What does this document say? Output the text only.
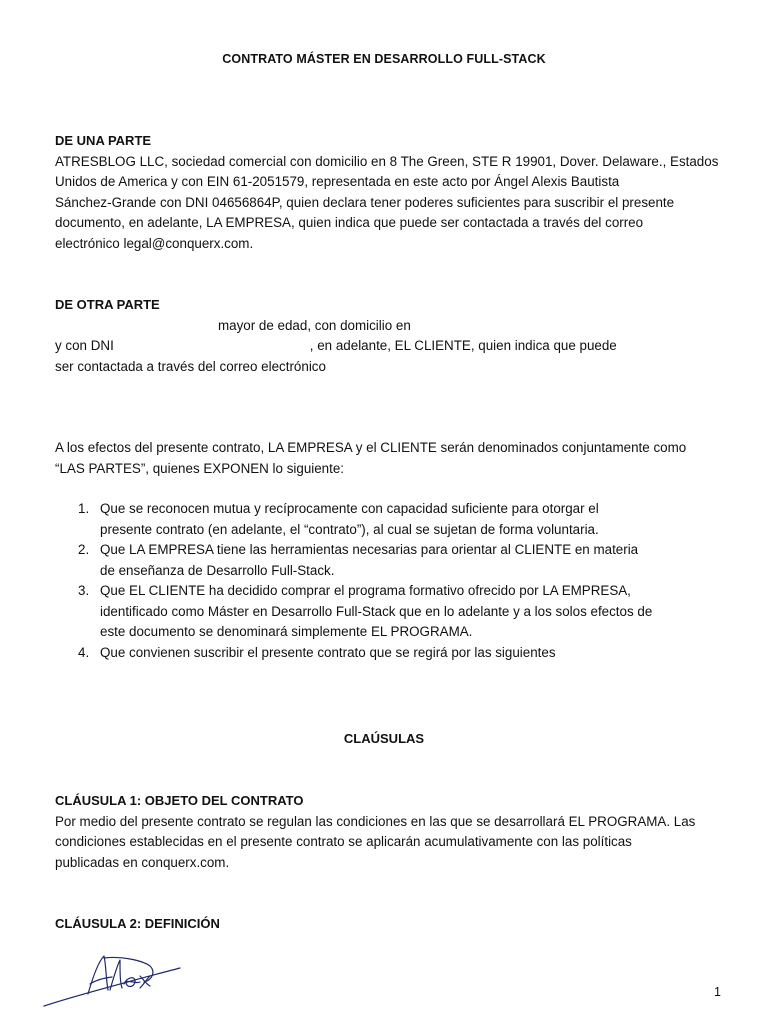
CONTRATO MÁSTER EN DESARROLLO FULL-STACK
DE UNA PARTE
ATRESBLOG LLC, sociedad comercial con domicilio en 8 The Green, STE R 19901, Dover. Delaware., Estados
Unidos de America y con EIN 61-2051579, representada en este acto por Ángel Alexis Bautista
Sánchez-Grande con DNI 04656864P, quien declara tener poderes suficientes para suscribir el presente
documento, en adelante, LA EMPRESA, quien indica que puede ser contactada a través del correo
electrónico legal@conquerx.com.
DE OTRA PARTE
mayor de edad, con domicilio en
y con DNI	, en adelante, EL CLIENTE, quien indica que puede
ser contactada a través del correo electrónico
A los efectos del presente contrato, LA EMPRESA y el CLIENTE serán denominados conjuntamente como
“LAS PARTES”, quienes EXPONEN lo siguiente:
1. Que se reconocen mutua y recíprocamente con capacidad suficiente para otorgar el
presente contrato (en adelante, el “contrato”), al cual se sujetan de forma voluntaria.
2. Que LA EMPRESA tiene las herramientas necesarias para orientar al CLIENTE en materia
de enseñanza de Desarrollo Full-Stack.
3. Que EL CLIENTE ha decidido comprar el programa formativo ofrecido por LA EMPRESA,
identificado como Máster en Desarrollo Full-Stack que en lo adelante y a los solos efectos de
este documento se denominará simplemente EL PROGRAMA.
4. Que convienen suscribir el presente contrato que se regirá por las siguientes
CLAÚSULAS
CLÁUSULA 1: OBJETO DEL CONTRATO
Por medio del presente contrato se regulan las condiciones en las que se desarrollará EL PROGRAMA. Las
condiciones establecidas en el presente contrato se aplicarán acumulativamente con las políticas
publicadas en conquerx.com.
CLÁUSULA 2: DEFINICIÓN
1
